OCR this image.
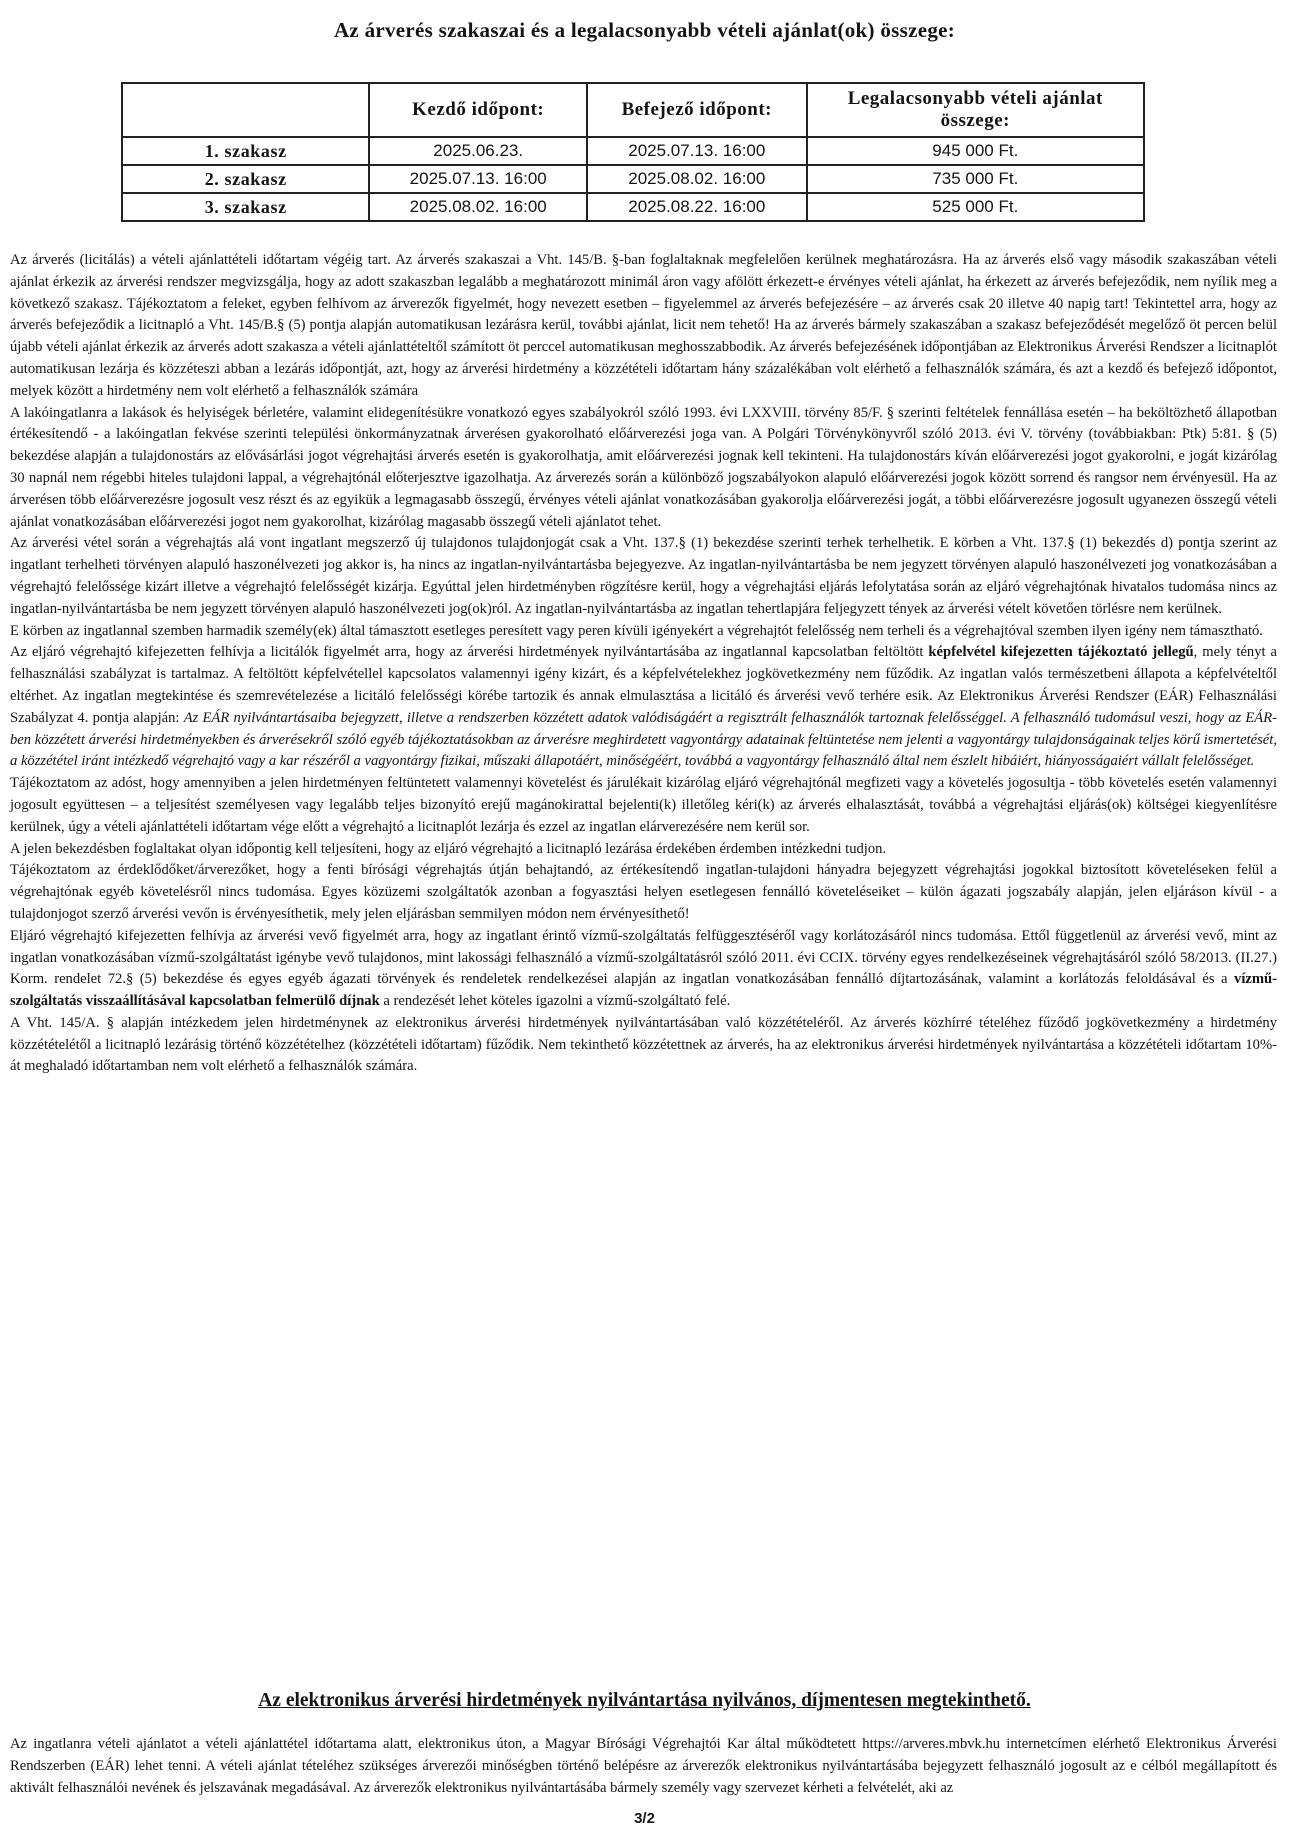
Az árverés szakaszai és a legalacsonyabb vételi ajánlat(ok) összege:
	Kezdő időpont:	Befejező időpont:	Legalacsonyabb vételi ajánlat összege:
1. szakasz	2025.06.23.	2025.07.13. 16:00	945 000 Ft.
2. szakasz	2025.07.13. 16:00	2025.08.02. 16:00	735 000 Ft.
3. szakasz	2025.08.02. 16:00	2025.08.22. 16:00	525 000 Ft.

Az árverés (licitálás) a vételi ajánlattételi időtartam végéig tart. Az árverés szakaszai a Vht. 145/B. §-ban foglaltaknak megfelelően kerülnek meghatározásra. Ha az árverés első vagy második szakaszában vételi ajánlat érkezik az árverési rendszer megvizsgálja, hogy az adott szakaszban legalább a meghatározott minimál áron vagy afölött érkezett-e érvényes vételi ajánlat, ha érkezett az árverés befejeződik, nem nyílik meg a következő szakasz. Tájékoztatom a feleket, egyben felhívom az árverezők figyelmét, hogy nevezett esetben – figyelemmel az árverés befejezésére – az árverés csak 20 illetve 40 napig tart! Tekintettel arra, hogy az árverés befejeződik a licitnapló a Vht. 145/B.§ (5) pontja alapján automatikusan lezárásra kerül, további ajánlat, licit nem tehető! Ha az árverés bármely szakaszában a szakasz befejeződését megelőző öt percen belül újabb vételi ajánlat érkezik az árverés adott szakasza a vételi ajánlattételtől számított öt perccel automatikusan meghosszabbodik. Az árverés befejezésének időpontjában az Elektronikus Árverési Rendszer a licitnaplót automatikusan lezárja és közzéteszi abban a lezárás időpontját, azt, hogy az árverési hirdetmény a közzétételi időtartam hány százalékában volt elérhető a felhasználók számára, és azt a kezdő és befejező időpontot, melyek között a hirdetmény nem volt elérhető a felhasználók számára

A lakóingatlanra a lakások és helyiségek bérletére, valamint elidegenítésükre vonatkozó egyes szabályokról szóló 1993. évi LXXVIII. törvény 85/F. § szerinti feltételek fennállása esetén – ha beköltözhető állapotban értékesítendő - a lakóingatlan fekvése szerinti települési önkormányzatnak árverésen gyakorolható előárverezési joga van. A Polgári Törvénykönyvről szóló 2013. évi V. törvény (továbbiakban: Ptk) 5:81. § (5) bekezdése alapján a tulajdonostárs az elővásárlási jogot végrehajtási árverés esetén is gyakorolhatja, amit előárverezési jognak kell tekinteni. Ha tulajdonostárs kíván előárverezési jogot gyakorolni, e jogát kizárólag 30 napnál nem régebbi hiteles tulajdoni lappal, a végrehajtónál előterjesztve igazolhatja. Az árverezés során a különböző jogszabályokon alapuló előárverezési jogok között sorrend és rangsor nem érvényesül. Ha az árverésen több előárverezésre jogosult vesz részt és az egyikük a legmagasabb összegű, érvényes vételi ajánlat vonatkozásában gyakorolja előárverezési jogát, a többi előárverezésre jogosult ugyanezen összegű vételi ajánlat vonatkozásában előárverezési jogot nem gyakorolhat, kizárólag magasabb összegű vételi ajánlatot tehet.

Az árverési vétel során a végrehajtás alá vont ingatlant megszerző új tulajdonos tulajdonjogát csak a Vht. 137.§ (1) bekezdése szerinti terhek terhelhetik. E körben a Vht. 137.§ (1) bekezdés d) pontja szerint az ingatlant terhelheti törvényen alapuló haszonélvezeti jog akkor is, ha nincs az ingatlan-nyilvántartásba bejegyezve. Az ingatlan-nyilvántartásba be nem jegyzett törvényen alapuló haszonélvezeti jog vonatkozásában a végrehajtó felelőssége kizárt illetve a végrehajtó felelősségét kizárja. Egyúttal jelen hirdetményben rögzítésre kerül, hogy a végrehajtási eljárás lefolytatása során az eljáró végrehajtónak hivatalos tudomása nincs az ingatlan-nyilvántartásba be nem jegyzett törvényen alapuló haszonélvezeti jog(ok)ról. Az ingatlan-nyilvántartásba az ingatlan tehertlapjára feljegyzett tények az árverési vételt követően törlésre nem kerülnek.

E körben az ingatlannal szemben harmadik személy(ek) által támasztott esetleges peresített vagy peren kívüli igényekért a végrehajtót felelősség nem terheli és a végrehajtóval szemben ilyen igény nem támasztható.

Az eljáró végrehajtó kifejezetten felhívja a licitálók figyelmét arra, hogy az árverési hirdetmények nyilvántartásába az ingatlannal kapcsolatban feltöltött képfelvétel kifejezetten tájékoztató jellegű, mely tényt a felhasználási szabályzat is tartalmaz. A feltöltött képfelvétellel kapcsolatos valamennyi igény kizárt, és a képfelvételekhez jogkövetkezmény nem fűződik. Az ingatlan valós természetbeni állapota a képfelvételtől eltérhet. Az ingatlan megtekintése és szemrevételezése a licitáló felelősségi körébe tartozik és annak elmulasztása a licitáló és árverési vevő terhére esik. Az Elektronikus Árverési Rendszer (EÁR) Felhasználási Szabályzat 4. pontja alapján: Az EÁR nyilvántartásaiba bejegyzett, illetve a rendszerben közzétett adatok valódiságáért a regisztrált felhasználók tartoznak felelősséggel. A felhasználó tudomásul veszi, hogy az EÁR-ben közzétett árverési hirdetményekben és árverésekről szóló egyéb tájékoztatásokban az árverésre meghirdetett vagyontárgy adatainak feltüntetése nem jelenti a vagyontárgy tulajdonságainak teljes körű ismertetését, a közzététel iránt intézkedő végrehajtó vagy a kar részéről a vagyontárgy fizikai, műszaki állapotáért, minőségéért, továbbá a vagyontárgy felhasználó által nem észlelt hibáiért, hiányosságaiért vállalt felelősséget.

Tájékoztatom az adóst, hogy amennyiben a jelen hirdetményen feltüntetett valamennyi követelést és járulékait kizárólag eljáró végrehajtónál megfizeti vagy a követelés jogosultja - több követelés esetén valamennyi jogosult együttesen – a teljesítést személyesen vagy legalább teljes bizonyító erejű magánokirattal bejelenti(k) illetőleg kéri(k) az árverés elhalasztását, továbbá a végrehajtási eljárás(ok) költségei kiegyenlítésre kerülnek, úgy a vételi ajánlattételi időtartam vége előtt a végrehajtó a licitnaplót lezárja és ezzel az ingatlan elárverezésére nem kerül sor.

A jelen bekezdésben foglaltakat olyan időpontig kell teljesíteni, hogy az eljáró végrehajtó a licitnapló lezárása érdekében érdemben intézkedni tudjon.

Tájékoztatom az érdeklődőket/árverezőket, hogy a fenti bírósági végrehajtás útján behajtandó, az értékesítendő ingatlan-tulajdoni hányadra bejegyzett végrehajtási jogokkal biztosított követeléseken felül a végrehajtónak egyéb követelésről nincs tudomása. Egyes közüzemi szolgáltatók azonban a fogyasztási helyen esetlegesen fennálló követeléseiket – külön ágazati jogszabály alapján, jelen eljáráson kívül - a tulajdonjogot szerző árverési vevőn is érvényesíthetik, mely jelen eljárásban semmilyen módon nem érvényesíthető!

Eljáró végrehajtó kifejezetten felhívja az árverési vevő figyelmét arra, hogy az ingatlant érintő vízmű-szolgáltatás felfüggesztéséről vagy korlátozásáról nincs tudomása. Ettől függetlenül az árverési vevő, mint az ingatlan vonatkozásában vízmű-szolgáltatást igénybe vevő tulajdonos, mint lakossági felhasználó a vízmű-szolgáltatásról szóló 2011. évi CCIX. törvény egyes rendelkezéseinek végrehajtásáról szóló 58/2013. (II.27.) Korm. rendelet 72.§ (5) bekezdése és egyes egyéb ágazati törvények és rendeletek rendelkezései alapján az ingatlan vonatkozásában fennálló díjtartozásának, valamint a korlátozás feloldásával és a vízmű-szolgáltatás visszaállításával kapcsolatban felmerülő díjnak a rendezését lehet köteles igazolni a vízmű-szolgáltató felé.

A Vht. 145/A. § alapján intézkedem jelen hirdetménynek az elektronikus árverési hirdetmények nyilvántartásában való közzétételéről. Az árverés közhírré tételéhez fűződő jogkövetkezmény a hirdetmény közzétételétől a licitnapló lezárásig történő közzétételhez (közzétételi időtartam) fűződik. Nem tekinthető közzétettnek az árverés, ha az elektronikus árverési hirdetmények nyilvántartása a közzétételi időtartam 10%-át meghaladó időtartamban nem volt elérhető a felhasználók számára.

Az elektronikus árverési hirdetmények nyilvántartása nyilvános, díjmentesen megtekinthető.

Az ingatlanra vételi ajánlatot a vételi ajánlattétel időtartama alatt, elektronikus úton, a Magyar Bírósági Végrehajtói Kar által működtetett https://arveres.mbvk.hu internetcímen elérhető Elektronikus Árverési Rendszerben (EÁR) lehet tenni. A vételi ajánlat tételéhez szükséges árverezői minőségben történő belépésre az árverezők elektronikus nyilvántartásába bejegyzett felhasználó jogosult az e célból megállapított és aktivált felhasználói nevének és jelszavának megadásával. Az árverezők elektronikus nyilvántartásába bármely személy vagy szervezet kérheti a felvételét, aki az

3/2
